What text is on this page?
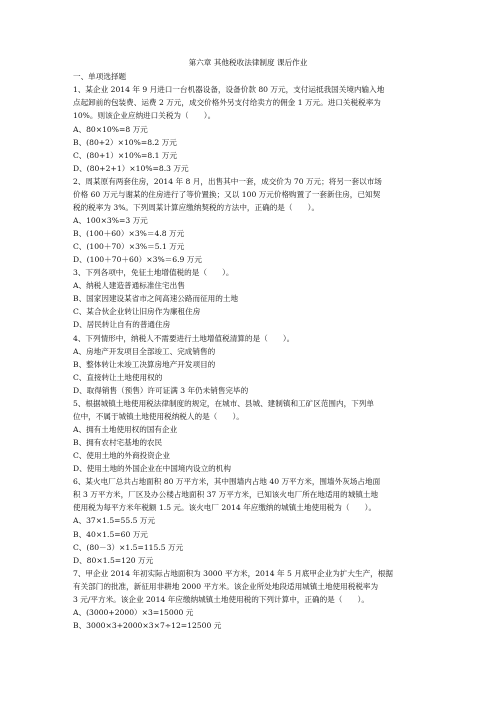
第六章 其他税收法律制度 课后作业
一、单项选择题
1、某企业 2014 年 9 月进口一台机器设备，设备价款 80 万元，支付运抵我国关境内输入地
点起卸前的包装费、运费 2 万元，成交价格外另支付给卖方的佣金 1 万元。进口关税税率为
10%。则该企业应纳进口关税为（　　）。
A、80×10%=8 万元
B、(80+2）×10%=8.2 万元
C、(80+1）×10%=8.1 万元
D、(80+2+1）×10%=8.3 万元
2、周某原有两套住房，2014 年 8 月，出售其中一套，成交价为 70 万元；将另一套以市场
价格 60 万元与谢某的住房进行了等价置换；又以 100 万元价格购置了一套新住房，已知契
税的税率为 3%。下列周某计算应缴纳契税的方法中，正确的是（　　）。
A、100×3%=3 万元
B、(100＋60）×3%＝4.8 万元
C、(100＋70）×3%＝5.1 万元
D、(100＋70＋60）×3%＝6.9 万元
3、下列各项中，免征土地增值税的是（　　）。
A、纳税人建造普通标准住宅出售
B、国家因建设某省市之间高速公路而征用的土地
C、某合伙企业转让旧房作为廉租住房
D、居民转让自有的普通住房
4、下列情形中，纳税人不需要进行土地增值税清算的是（　　）。
A、房地产开发项目全部竣工、完成销售的
B、整体转让未竣工决算房地产开发项目的
C、直接转让土地使用权的
D、取得销售（预售）许可证满 3 年仍未销售完毕的
5、根据城镇土地使用税法律制度的规定，在城市、县城、建制镇和工矿区范围内，下列单
位中，不属于城镇土地使用税纳税人的是（　　）。
A、拥有土地使用权的国有企业
B、拥有农村宅基地的农民
C、使用土地的外商投资企业
D、使用土地的外国企业在中国境内设立的机构
6、某火电厂总共占地面积 80 万平方米，其中围墙内占地 40 万平方米，围墙外灰场占地面
积 3 万平方米，厂区及办公楼占地面积 37 万平方米，已知该火电厂所在地适用的城镇土地
使用税为每平方米年税额 1.5 元。该火电厂 2014 年应缴纳的城镇土地使用税为（　　）。
A、37×1.5=55.5 万元
B、40×1.5=60 万元
C、(80－3）×1.5=115.5 万元
D、80×1.5=120 万元
7、甲企业 2014 年初实际占地面积为 3000 平方米，2014 年 5 月底甲企业为扩大生产，根据
有关部门的批准，新征用非耕地 2000 平方米。该企业所处地段适用城镇土地使用税税率为
3 元/平方米。该企业 2014 年应缴纳城镇土地使用税的下列计算中，正确的是（　　）。
A、(3000+2000）×3=15000 元
B、3000×3+2000×3×7÷12=12500 元
